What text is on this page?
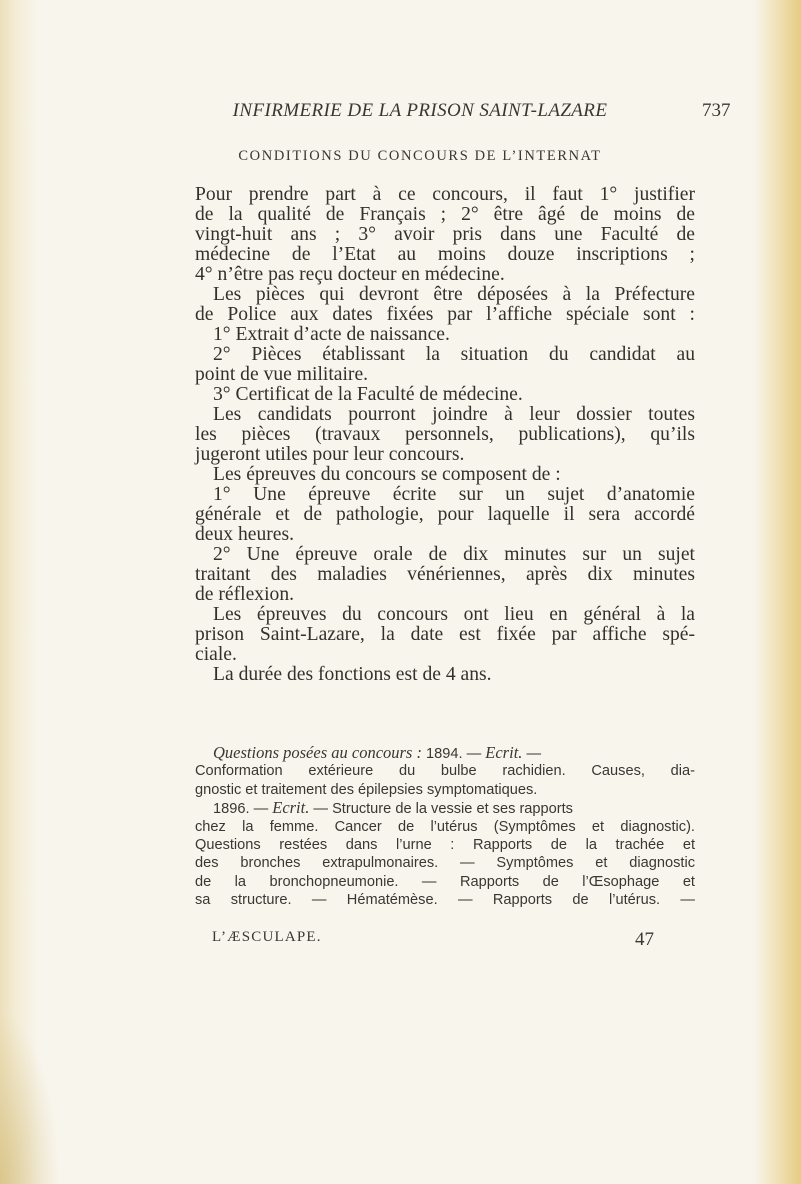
INFIRMERIE DE LA PRISON SAINT-LAZARE	737
CONDITIONS DU CONCOURS DE L’INTERNAT
Pour prendre part à ce concours, il faut 1° justifier
de la qualité de Français ; 2° être âgé de moins de
vingt-huit ans ; 3° avoir pris dans une Faculté de
médecine de l’Etat au moins douze inscriptions ;
4° n’être pas reçu docteur en médecine.
Les pièces qui devront être déposées à la Préfecture
de Police aux dates fixées par l’affiche spéciale sont :
1° Extrait d’acte de naissance.
2° Pièces établissant la situation du candidat au
point de vue militaire.
3° Certificat de la Faculté de médecine.
Les candidats pourront joindre à leur dossier toutes
les pièces (travaux personnels, publications), qu’ils
jugeront utiles pour leur concours.
Les épreuves du concours se composent de :
1° Une épreuve écrite sur un sujet d’anatomie
générale et de pathologie, pour laquelle il sera accordé
deux heures.
2° Une épreuve orale de dix minutes sur un sujet
traitant des maladies vénériennes, après dix minutes
de réflexion.
Les épreuves du concours ont lieu en général à la
prison Saint-Lazare, la date est fixée par affiche spé-
ciale.
La durée des fonctions est de 4 ans.
Questions posées au concours : 1894. — Ecrit. —
Conformation extérieure du bulbe rachidien. Causes, dia-
gnostic et traitement des épilepsies symptomatiques.
1896. — Ecrit. — Structure de la vessie et ses rapports
chez la femme. Cancer de l’utérus (Symptômes et diagnostic).
Questions restées dans l’urne : Rapports de la trachée et
des bronches extrapulmonaires. — Symptômes et diagnostic
de la bronchopneumonie. — Rapports de l’Œsophage et
sa structure. — Hématémèse. — Rapports de l’utérus. —
L’ÆSCULAPE.	47
